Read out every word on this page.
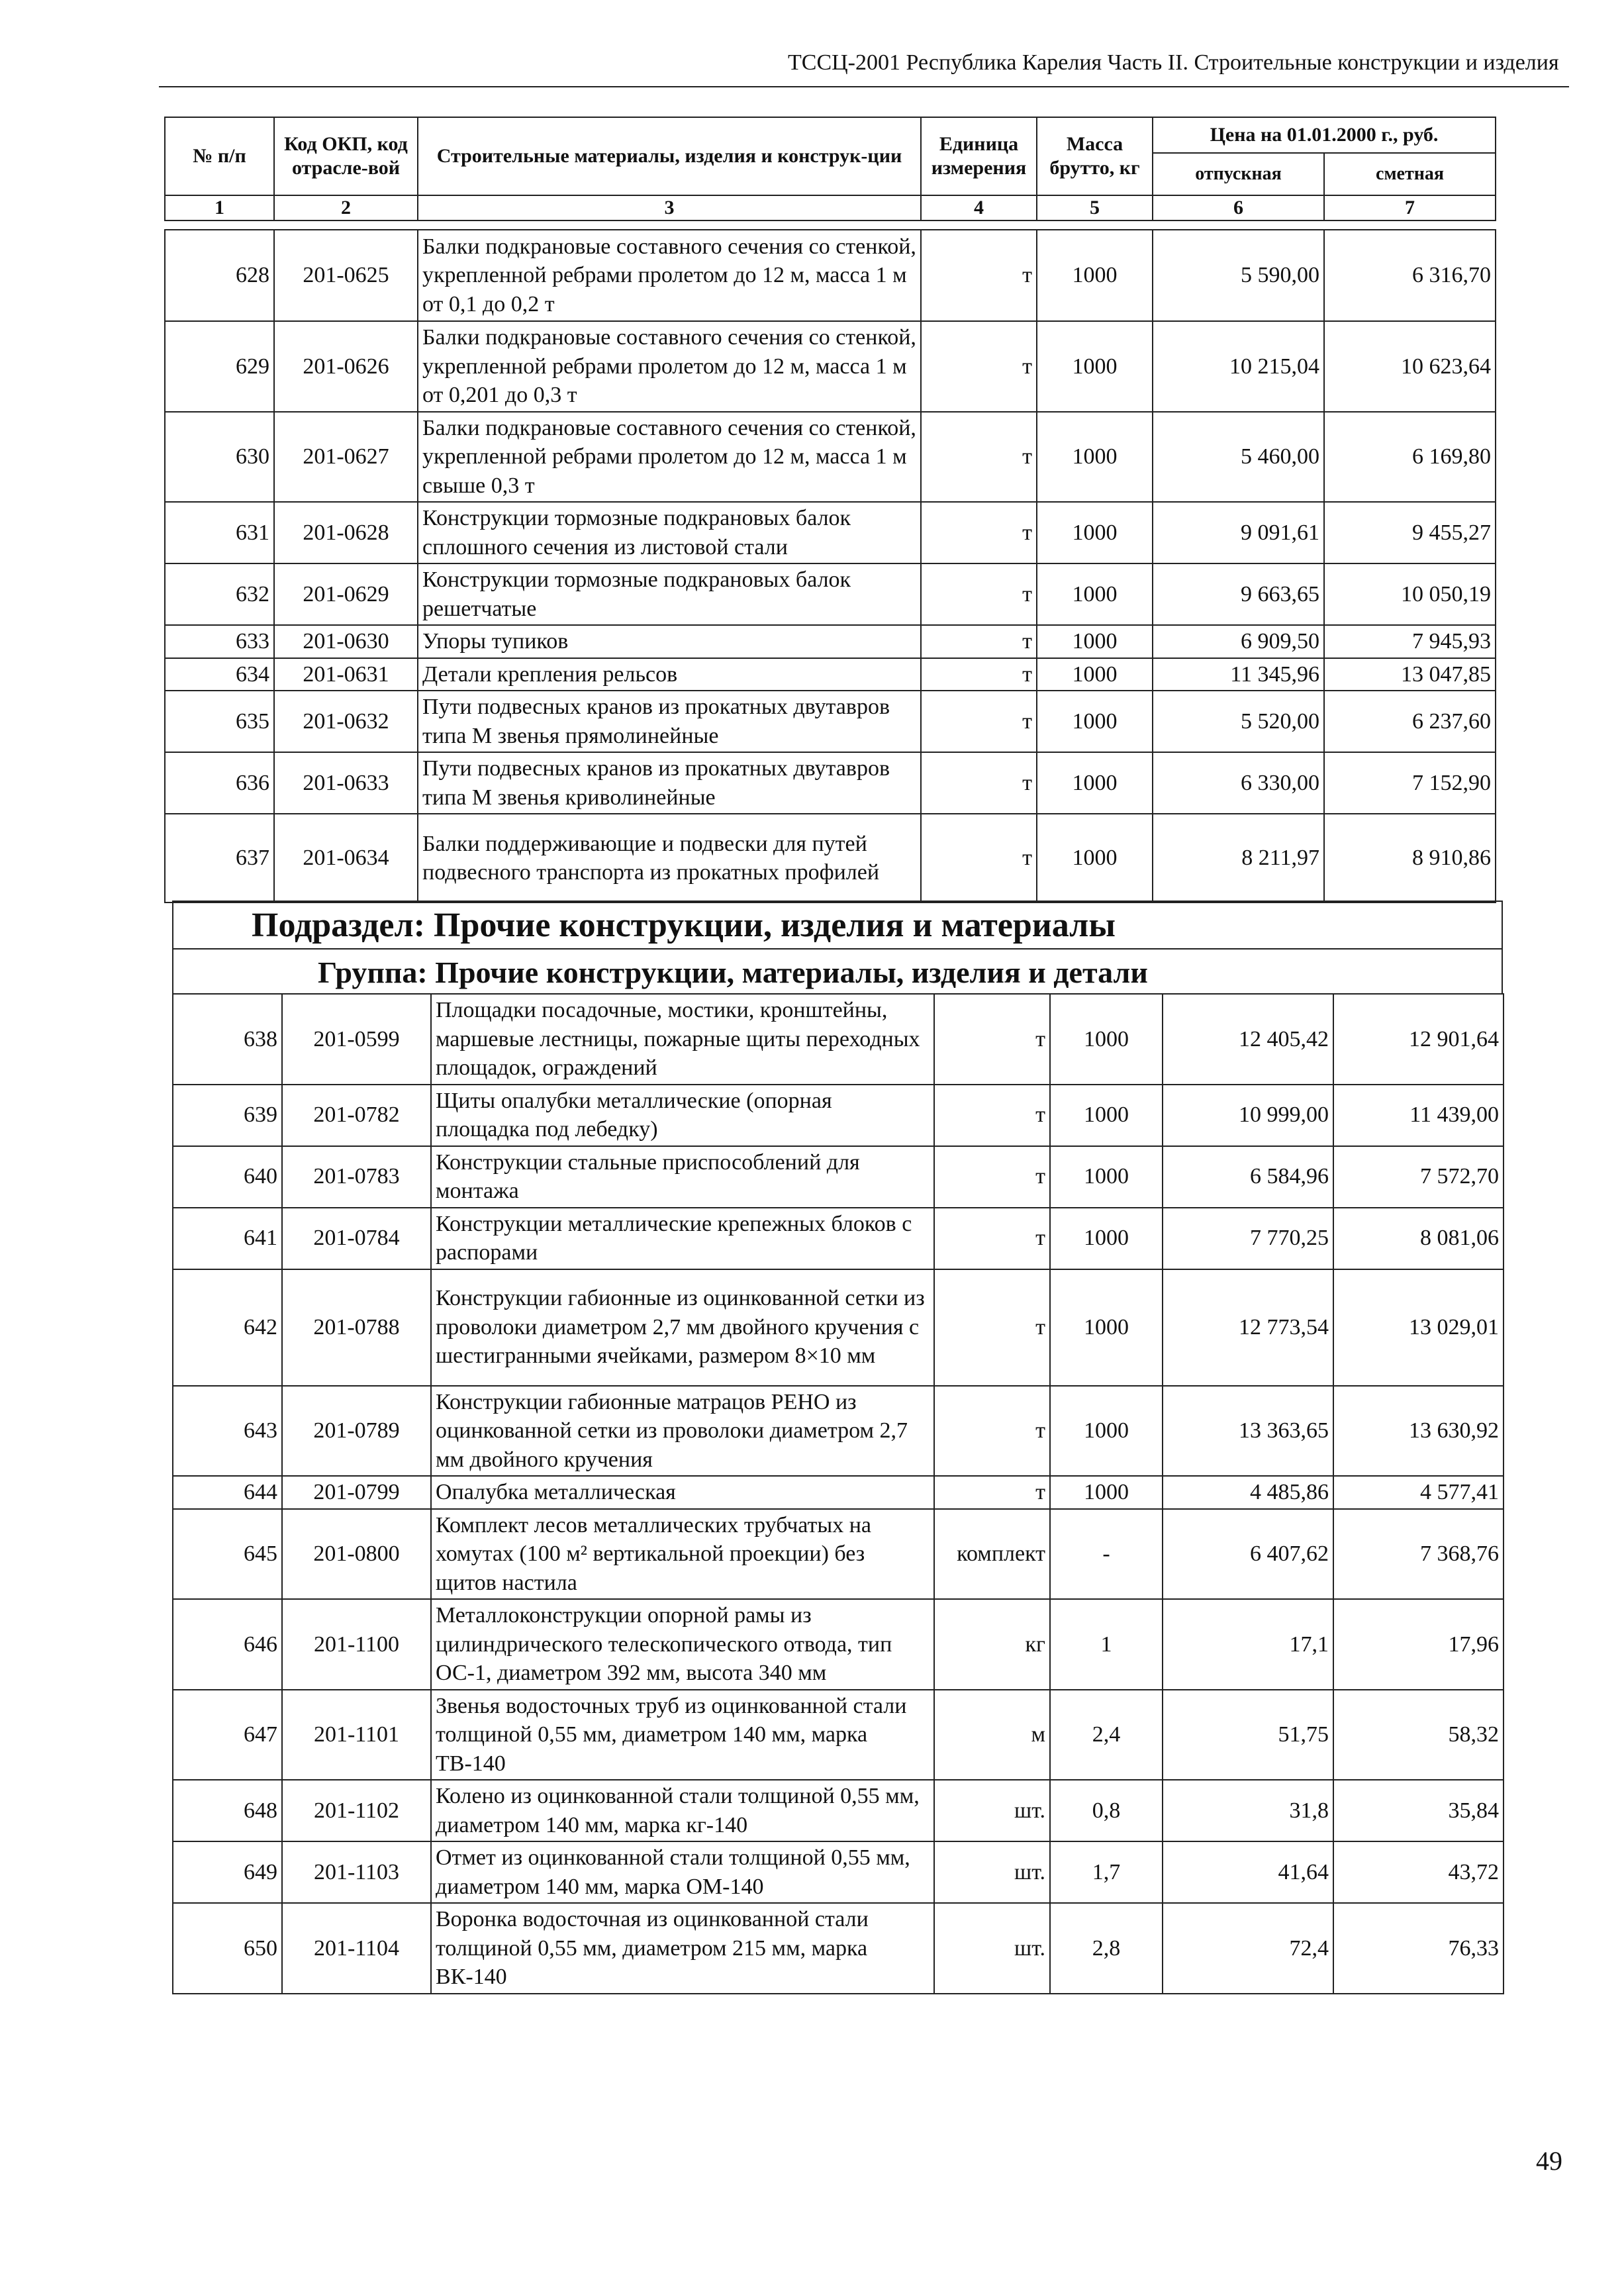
ТССЦ-2001 Республика Карелия Часть II. Строительные конструкции и изделия
№ п/п	Код ОКП, код отрасле-вой	Строительные материалы, изделия и конструк-ции	Единица измерения	Масса брутто, кг	Цена на 01.01.2000 г., руб.	
					отпускная	сметная
1	2	3	4	5	6	7
628	201-0625	Балки подкрановые составного сечения со стенкой, укрепленной ребрами пролетом до 12 м, масса 1 м от 0,1 до 0,2 т	т	1000	5 590,00	6 316,70
629	201-0626	Балки подкрановые составного сечения со стенкой, укрепленной ребрами пролетом до 12 м, масса 1 м от 0,201 до 0,3 т	т	1000	10 215,04	10 623,64
630	201-0627	Балки подкрановые составного сечения со стенкой, укрепленной ребрами пролетом до 12 м, масса 1 м свыше 0,3 т	т	1000	5 460,00	6 169,80
631	201-0628	Конструкции тормозные подкрановых балок сплошного сечения из листовой стали	т	1000	9 091,61	9 455,27
632	201-0629	Конструкции тормозные подкрановых балок решетчатые	т	1000	9 663,65	10 050,19
633	201-0630	Упоры тупиков	т	1000	6 909,50	7 945,93
634	201-0631	Детали крепления рельсов	т	1000	11 345,96	13 047,85
635	201-0632	Пути подвесных кранов из прокатных двутавров типа М звенья прямолинейные	т	1000	5 520,00	6 237,60
636	201-0633	Пути подвесных кранов из прокатных двутавров типа М звенья криволинейные	т	1000	6 330,00	7 152,90
637	201-0634	Балки поддерживающие и подвески для путей подвесного транспорта из прокатных профилей	т	1000	8 211,97	8 910,86
Подраздел: Прочие конструкции, изделия и материалы
Группа: Прочие конструкции, материалы, изделия и детали
638	201-0599	Площадки посадочные, мостики, кронштейны, маршевые лестницы, пожарные щиты переходных площадок, ограждений	т	1000	12 405,42	12 901,64
639	201-0782	Щиты опалубки металлические (опорная площадка под лебедку)	т	1000	10 999,00	11 439,00
640	201-0783	Конструкции стальные приспособлений для монтажа	т	1000	6 584,96	7 572,70
641	201-0784	Конструкции металлические крепежных блоков с распорами	т	1000	7 770,25	8 081,06
642	201-0788	Конструкции габионные из оцинкованной сетки из проволоки диаметром 2,7 мм двойного кручения с шестигранными ячейками, размером 8×10 мм	т	1000	12 773,54	13 029,01
643	201-0789	Конструкции габионные матрацов РЕНО из оцинкованной сетки из проволоки диаметром 2,7 мм двойного кручения	т	1000	13 363,65	13 630,92
644	201-0799	Опалубка металлическая	т	1000	4 485,86	4 577,41
645	201-0800	Комплект лесов металлических трубчатых на хомутах (100 м² вертикальной проекции) без щитов настила	комплект	-	6 407,62	7 368,76
646	201-1100	Металлоконструкции опорной рамы из цилиндрического телескопического отвода, тип ОС-1, диаметром 392 мм, высота 340 мм	кг	1	17,1	17,96
647	201-1101	Звенья водосточных труб из оцинкованной стали толщиной 0,55 мм, диаметром 140 мм, марка ТВ-140	м	2,4	51,75	58,32
648	201-1102	Колено из оцинкованной стали толщиной 0,55 мм, диаметром 140 мм, марка кг-140	шт.	0,8	31,8	35,84
649	201-1103	Отмет из оцинкованной стали толщиной 0,55 мм, диаметром 140 мм, марка ОМ-140	шт.	1,7	41,64	43,72
650	201-1104	Воронка водосточная из оцинкованной стали толщиной 0,55 мм, диаметром 215 мм, марка ВК-140	шт.	2,8	72,4	76,33
49
